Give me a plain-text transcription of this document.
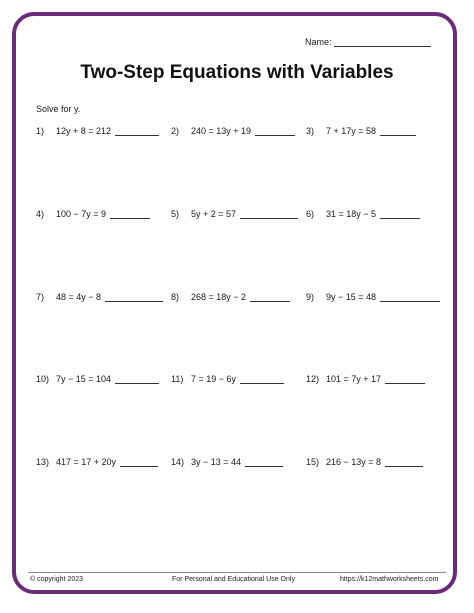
Name:
Two-Step Equations with Variables
Solve for y.
1)	12y + 8 = 212	2)	240 = 13y + 19	3)	7 + 17y = 58
4)	100 − 7y = 9	5)	5y + 2 = 57	6)	31 = 18y − 5
7)	48 = 4y − 8	8)	268 = 18y − 2	9)	9y − 15 = 48
10) 7y − 15 = 104	11) 7 = 19 − 6y	12) 101 = 7y + 17
13) 417 = 17 + 20y	14) 3y − 13 = 44	15) 216 − 13y = 8
© copyright 2023	For Personal and Educational Use Only	https://k12mathworksheets.com
